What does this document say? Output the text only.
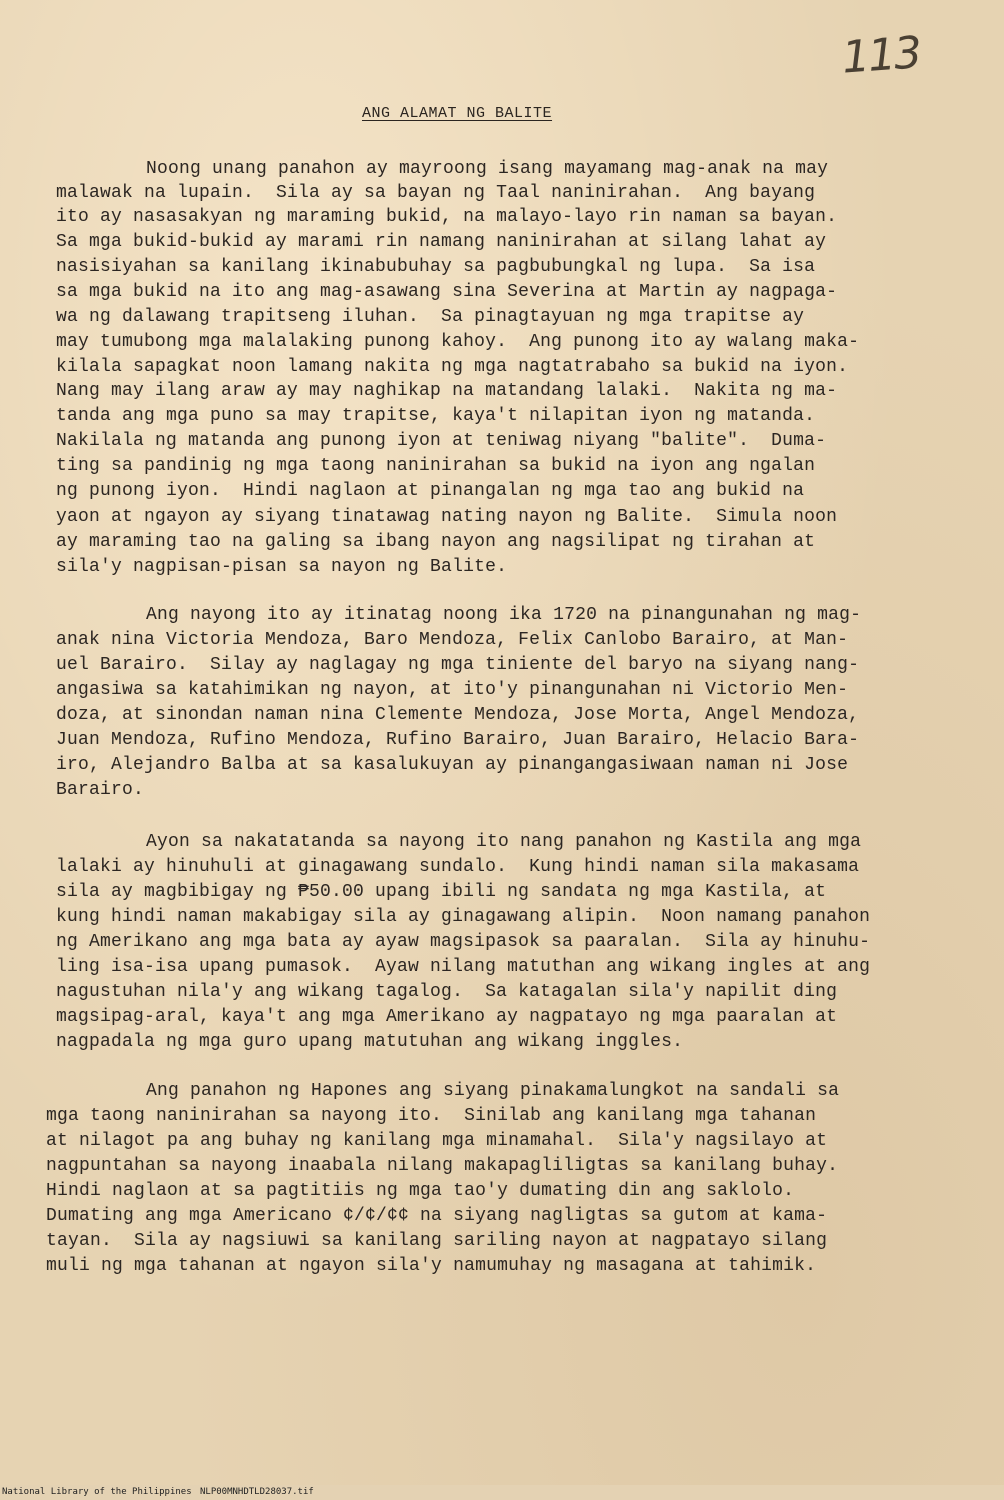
113
ANG ALAMAT NG BALITE
Noong unang panahon ay mayroong isang mayamang mag-anak na may
malawak na lupain.  Sila ay sa bayan ng Taal naninirahan.  Ang bayang
ito ay nasasakyan ng maraming bukid, na malayo-layo rin naman sa bayan.
Sa mga bukid-bukid ay marami rin namang naninirahan at silang lahat ay
nasisiyahan sa kanilang ikinabubuhay sa pagbubungkal ng lupa.  Sa isa
sa mga bukid na ito ang mag-asawang sina Severina at Martin ay nagpaga-
wa ng dalawang trapitseng iluhan.  Sa pinagtayuan ng mga trapitse ay
may tumubong mga malalaking punong kahoy.  Ang punong ito ay walang maka-
kilala sapagkat noon lamang nakita ng mga nagtatrabaho sa bukid na iyon.
Nang may ilang araw ay may naghikap na matandang lalaki.  Nakita ng ma-
tanda ang mga puno sa may trapitse, kaya't nilapitan iyon ng matanda.
Nakilala ng matanda ang punong iyon at teniwag niyang "balite".  Duma-
ting sa pandinig ng mga taong naninirahan sa bukid na iyon ang ngalan
ng punong iyon.  Hindi naglaon at pinangalan ng mga tao ang bukid na
yaon at ngayon ay siyang tinatawag nating nayon ng Balite.  Simula noon
ay maraming tao na galing sa ibang nayon ang nagsilipat ng tirahan at
sila'y nagpisan-pisan sa nayon ng Balite.
Ang nayong ito ay itinatag noong ika 1720 na pinangunahan ng mag-
anak nina Victoria Mendoza, Baro Mendoza, Felix Canlobo Barairo, at Man-
uel Barairo.  Silay ay naglagay ng mga tiniente del baryo na siyang nang-
angasiwa sa katahimikan ng nayon, at ito'y pinangunahan ni Victorio Men-
doza, at sinondan naman nina Clemente Mendoza, Jose Morta, Angel Mendoza,
Juan Mendoza, Rufino Mendoza, Rufino Barairo, Juan Barairo, Helacio Bara-
iro, Alejandro Balba at sa kasalukuyan ay pinangangasiwaan naman ni Jose
Barairo.
Ayon sa nakatatanda sa nayong ito nang panahon ng Kastila ang mga
lalaki ay hinuhuli at ginagawang sundalo.  Kung hindi naman sila makasama
sila ay magbibigay ng ₱50.00 upang ibili ng sandata ng mga Kastila, at
kung hindi naman makabigay sila ay ginagawang alipin.  Noon namang panahon
ng Amerikano ang mga bata ay ayaw magsipasok sa paaralan.  Sila ay hinuhu-
ling isa-isa upang pumasok.  Ayaw nilang matuthan ang wikang ingles at ang
nagustuhan nila'y ang wikang tagalog.  Sa katagalan sila'y napilit ding
magsipag-aral, kaya't ang mga Amerikano ay nagpatayo ng mga paaralan at
nagpadala ng mga guro upang matutuhan ang wikang inggles.
Ang panahon ng Hapones ang siyang pinakamalungkot na sandali sa
mga taong naninirahan sa nayong ito.  Sinilab ang kanilang mga tahanan
at nilagot pa ang buhay ng kanilang mga minamahal.  Sila'y nagsilayo at
nagpuntahan sa nayong inaabala nilang makapagliligtas sa kanilang buhay.
Hindi naglaon at sa pagtitiis ng mga tao'y dumating din ang saklolo.
Dumating ang mga Americano ¢/¢/¢¢ na siyang nagligtas sa gutom at kama-
tayan.  Sila ay nagsiuwi sa kanilang sariling nayon at nagpatayo silang
muli ng mga tahanan at ngayon sila'y namumuhay ng masagana at tahimik.
National Library of the Philippines NLP00MNHDTLD28037.tif
